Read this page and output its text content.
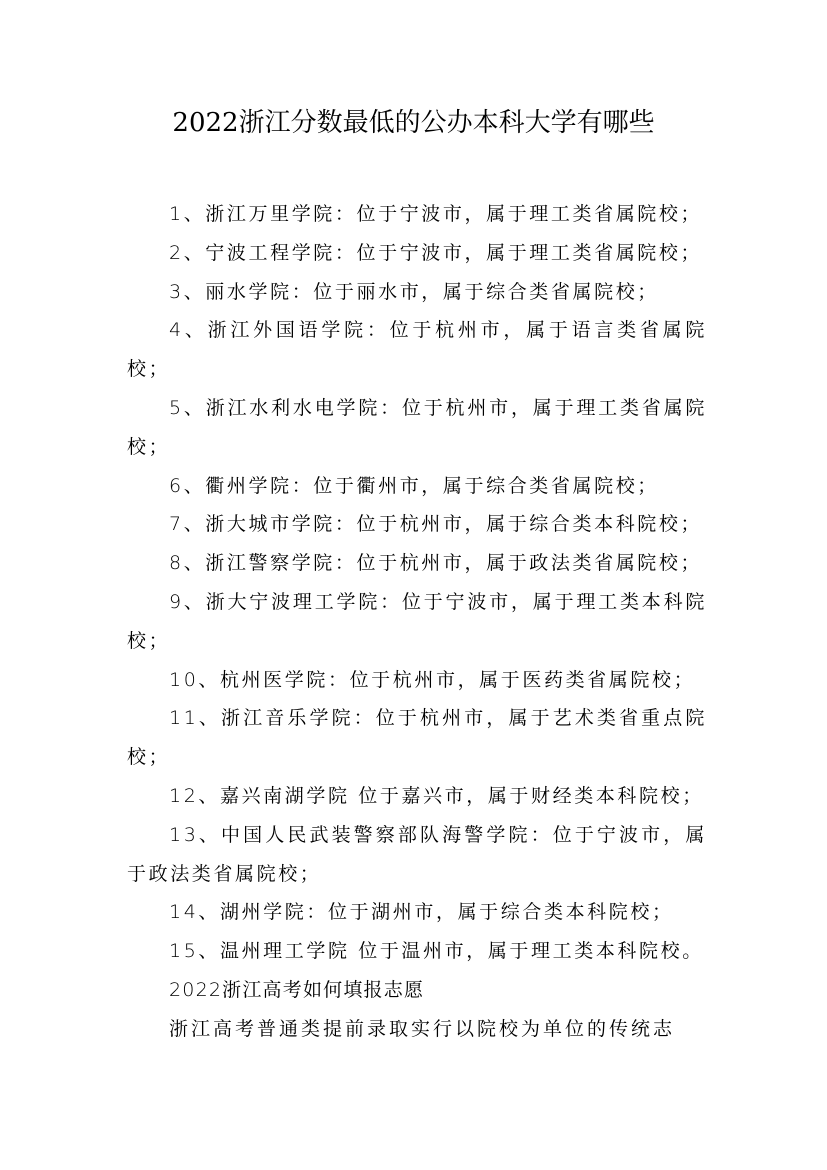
2022浙江分数最低的公办本科大学有哪些

1、浙江万里学院：位于宁波市，属于理工类省属院校；

2、宁波工程学院：位于宁波市，属于理工类省属院校；

3、丽水学院：位于丽水市，属于综合类省属院校；

4、浙江外国语学院：位于杭州市，属于语言类省属院校；

5、浙江水利水电学院：位于杭州市，属于理工类省属院校；

6、衢州学院：位于衢州市，属于综合类省属院校；

7、浙大城市学院：位于杭州市，属于综合类本科院校；

8、浙江警察学院：位于杭州市，属于政法类省属院校；

9、浙大宁波理工学院：位于宁波市，属于理工类本科院校；

10、杭州医学院：位于杭州市，属于医药类省属院校；

11、浙江音乐学院：位于杭州市，属于艺术类省重点院校；

12、嘉兴南湖学院 位于嘉兴市，属于财经类本科院校；

13、中国人民武装警察部队海警学院：位于宁波市，属于政法类省属院校；

14、湖州学院：位于湖州市，属于综合类本科院校；

15、温州理工学院 位于温州市，属于理工类本科院校。

2022浙江高考如何填报志愿

浙江高考普通类提前录取实行以院校为单位的传统志
